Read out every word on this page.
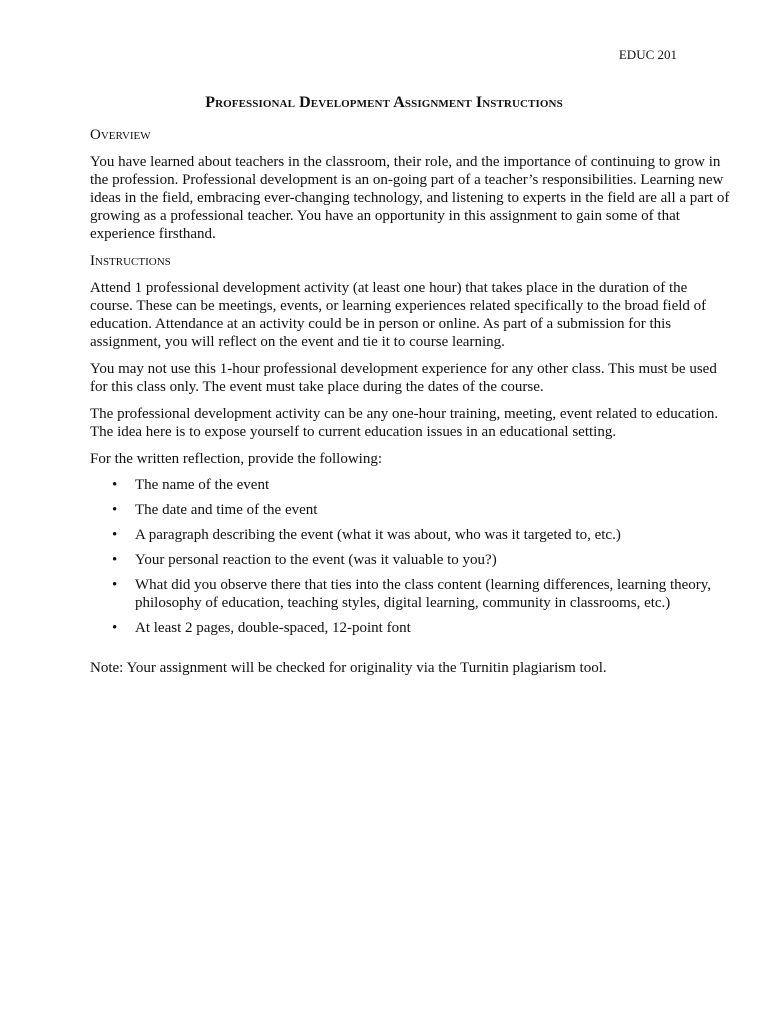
EDUC 201
Professional Development Assignment Instructions
Overview

You have learned about teachers in the classroom, their role, and the importance of continuing to grow in the profession. Professional development is an on-going part of a teacher’s responsibilities. Learning new ideas in the field, embracing ever-changing technology, and listening to experts in the field are all a part of growing as a professional teacher. You have an opportunity in this assignment to gain some of that experience firsthand.

Instructions

Attend 1 professional development activity (at least one hour) that takes place in the duration of the course. These can be meetings, events, or learning experiences related specifically to the broad field of education. Attendance at an activity could be in person or online. As part of a submission for this assignment, you will reflect on the event and tie it to course learning.

You may not use this 1-hour professional development experience for any other class. This must be used for this class only. The event must take place during the dates of the course.

The professional development activity can be any one-hour training, meeting, event related to education. The idea here is to expose yourself to current education issues in an educational setting.

For the written reflection, provide the following:

• The name of the event
• The date and time of the event
• A paragraph describing the event (what it was about, who was it targeted to, etc.)
• Your personal reaction to the event (was it valuable to you?)
• What did you observe there that ties into the class content (learning differences, learning theory, philosophy of education, teaching styles, digital learning, community in classrooms, etc.)
• At least 2 pages, double-spaced, 12-point font

Note: Your assignment will be checked for originality via the Turnitin plagiarism tool.
